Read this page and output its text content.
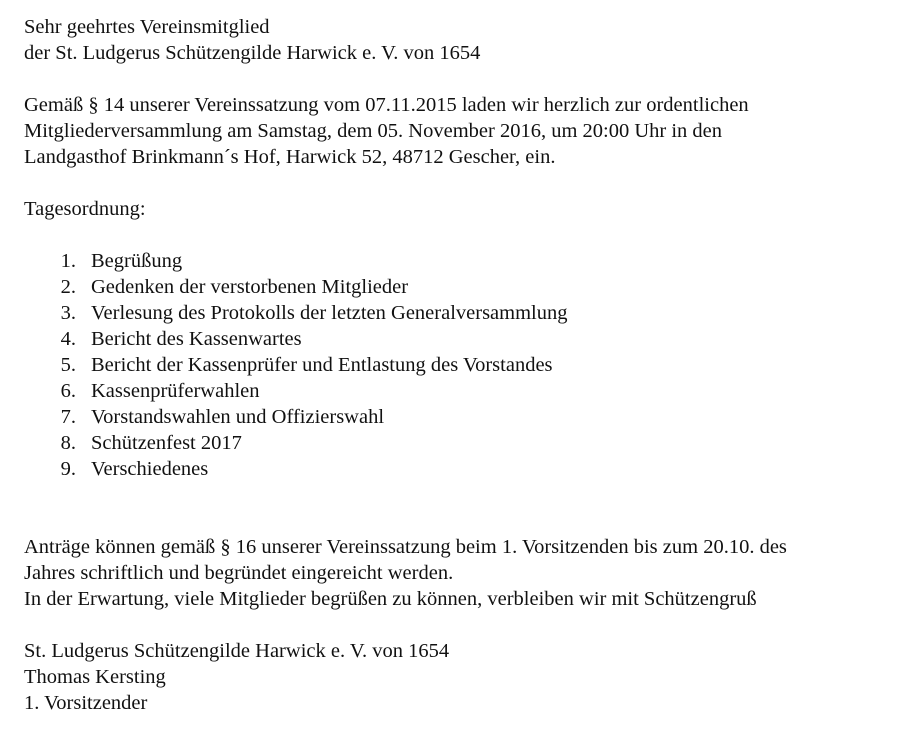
Sehr geehrtes Vereinsmitglied
der St. Ludgerus Schützengilde Harwick e. V. von 1654
Gemäß § 14 unserer Vereinssatzung vom 07.11.2015 laden wir herzlich zur ordentlichen
Mitgliederversammlung am Samstag, dem 05. November 2016, um 20:00 Uhr in den
Landgasthof Brinkmann´s Hof, Harwick 52, 48712 Gescher, ein.
Tagesordnung:
1. Begrüßung
2. Gedenken der verstorbenen Mitglieder
3. Verlesung des Protokolls der letzten Generalversammlung
4. Bericht des Kassenwartes
5. Bericht der Kassenprüfer und Entlastung des Vorstandes
6. Kassenprüferwahlen
7. Vorstandswahlen und Offizierswahl
8. Schützenfest 2017
9. Verschiedenes
Anträge können gemäß § 16 unserer Vereinssatzung beim 1. Vorsitzenden bis zum 20.10. des
Jahres schriftlich und begründet eingereicht werden.
In der Erwartung, viele Mitglieder begrüßen zu können, verbleiben wir mit Schützengruß
St. Ludgerus Schützengilde Harwick e. V. von 1654
Thomas Kersting
1. Vorsitzender
